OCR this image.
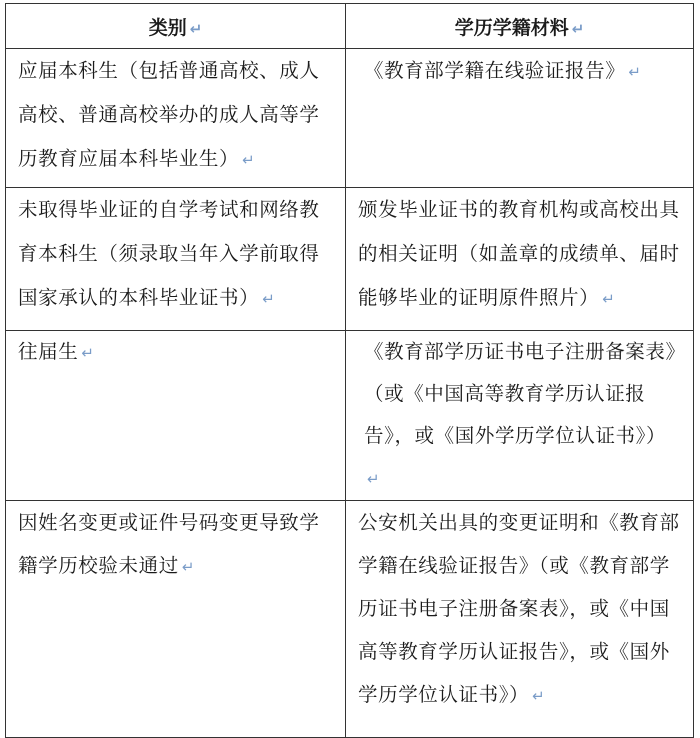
类别 ↵	学历学籍材料 ↵

应届本科生（包括普通高校、成人高校、普通高校举办的成人高等学历教育应届本科毕业生） ↵	《教育部学籍在线验证报告》 ↵

未取得毕业证的自学考试和网络教育本科生（须录取当年入学前取得国家承认的本科毕业证书） ↵	颁发毕业证书的教育机构或高校出具的相关证明（如盖章的成绩单、届时能够毕业的证明原件照片） ↵

往届生 ↵	《教育部学历证书电子注册备案表》（或《中国高等教育学历认证报告》，或《国外学历学位认证书》）↵

因姓名变更或证件号码变更导致学籍学历校验未通过 ↵	公安机关出具的变更证明和《教育部学籍在线验证报告》（或《教育部学历证书电子注册备案表》，或《中国高等教育学历认证报告》，或《国外学历学位认证书》） ↵
